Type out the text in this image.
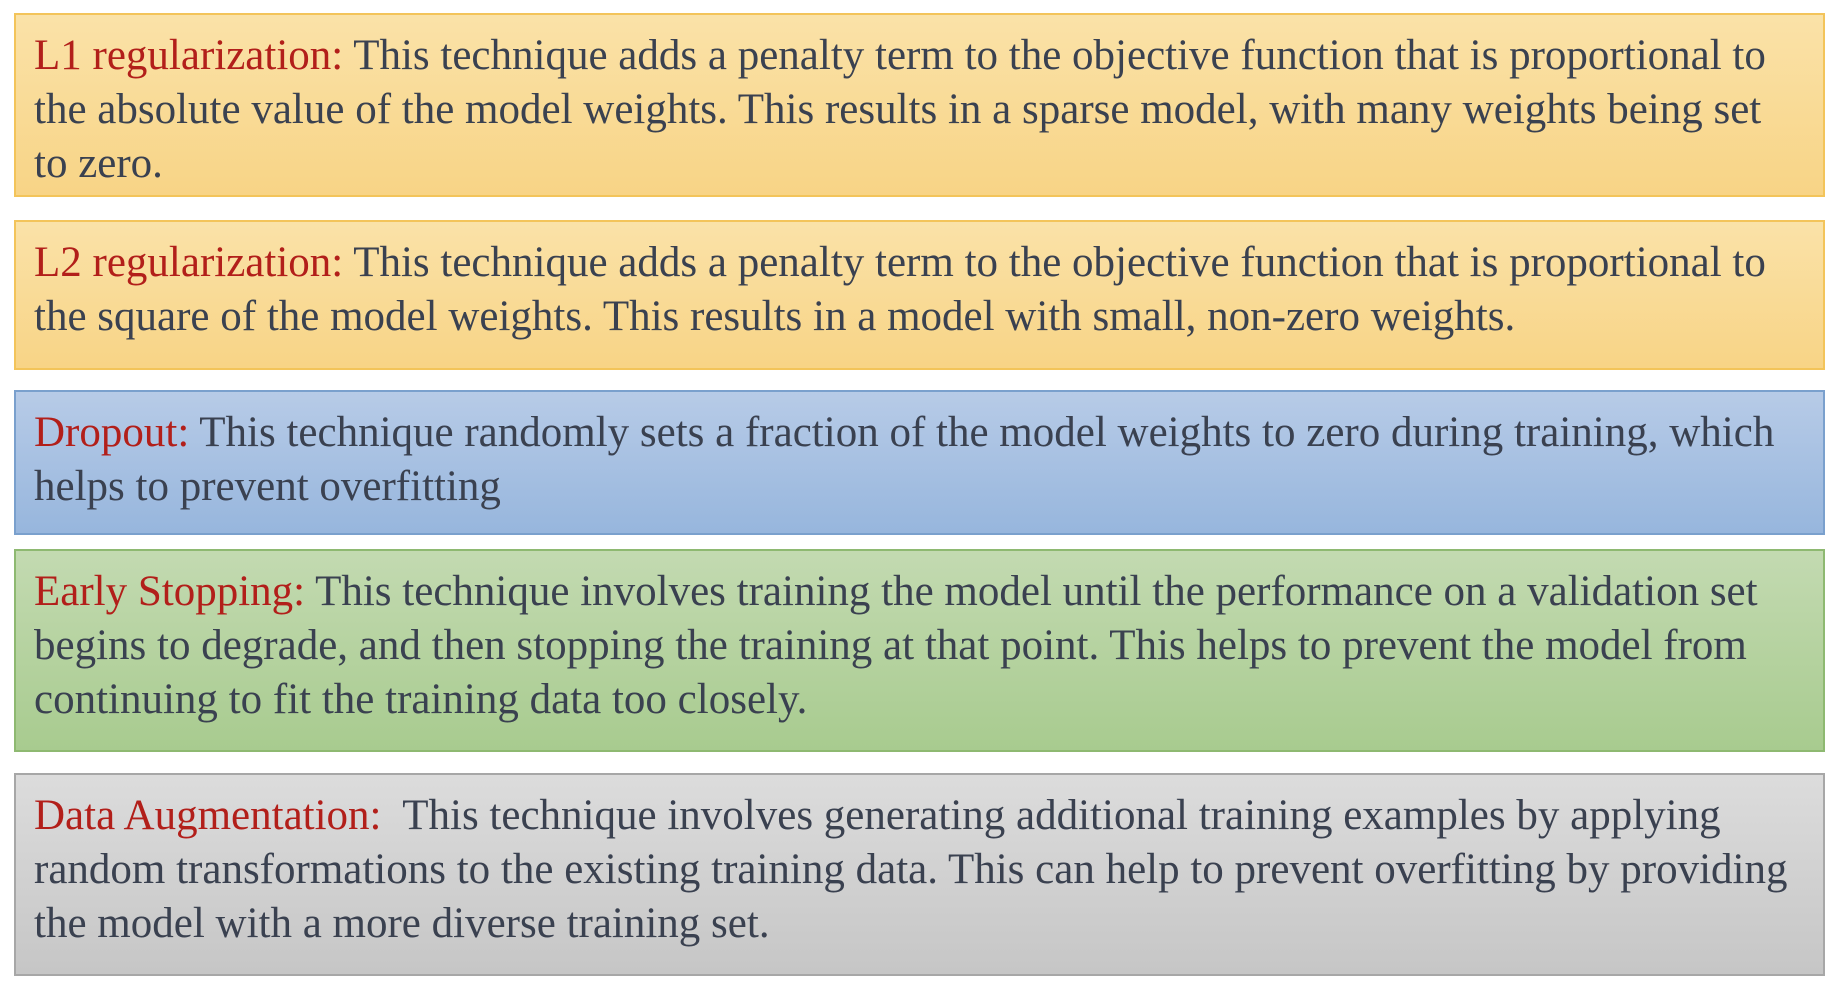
L1 regularization: This technique adds a penalty term to the objective function that is proportional to the absolute value of the model weights. This results in a sparse model, with many weights being set to zero.
L2 regularization: This technique adds a penalty term to the objective function that is proportional to the square of the model weights. This results in a model with small, non-zero weights.
Dropout: This technique randomly sets a fraction of the model weights to zero during training, which helps to prevent overfitting
Early Stopping: This technique involves training the model until the performance on a validation set begins to degrade, and then stopping the training at that point. This helps to prevent the model from continuing to fit the training data too closely.
Data Augmentation:  This technique involves generating additional training examples by applying random transformations to the existing training data. This can help to prevent overfitting by providing the model with a more diverse training set.
